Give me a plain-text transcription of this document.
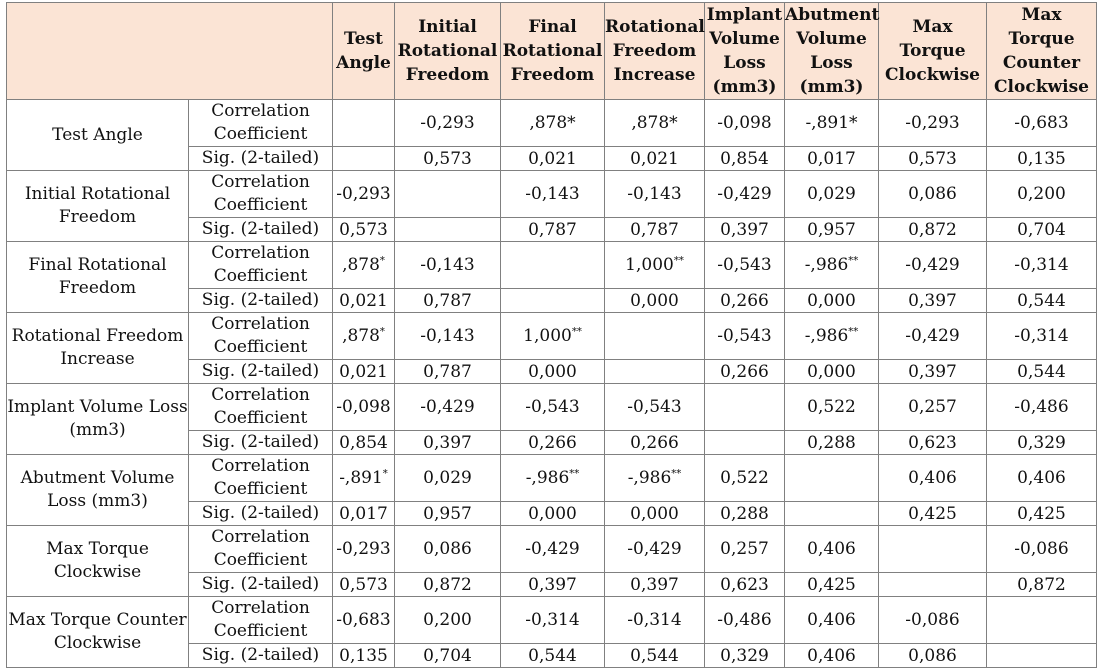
		Test Angle	Initial Rotational Freedom	Final Rotational Freedom	Rotational Freedom Increase	Implant Volume Loss (mm3)	Abutment Volume Loss (mm3)	Max Torque Clockwise	Max Torque Counter Clockwise
Test Angle	Correlation Coefficient		-0,293	,878*	,878*	-0,098	-,891*	-0,293	-0,683
	Sig. (2-tailed)		0,573	0,021	0,021	0,854	0,017	0,573	0,135
Initial Rotational Freedom	Correlation Coefficient	-0,293		-0,143	-0,143	-0,429	0,029	0,086	0,200
	Sig. (2-tailed)	0,573		0,787	0,787	0,397	0,957	0,872	0,704
Final Rotational Freedom	Correlation Coefficient	,878*	-0,143		1,000**	-0,543	-,986**	-0,429	-0,314
	Sig. (2-tailed)	0,021	0,787		0,000	0,266	0,000	0,397	0,544
Rotational Freedom Increase	Correlation Coefficient	,878*	-0,143	1,000**		-0,543	-,986**	-0,429	-0,314
	Sig. (2-tailed)	0,021	0,787	0,000		0,266	0,000	0,397	0,544
Implant Volume Loss (mm3)	Correlation Coefficient	-0,098	-0,429	-0,543	-0,543		0,522	0,257	-0,486
	Sig. (2-tailed)	0,854	0,397	0,266	0,266		0,288	0,623	0,329
Abutment Volume Loss (mm3)	Correlation Coefficient	-,891*	0,029	-,986**	-,986**	0,522		0,406	0,406
	Sig. (2-tailed)	0,017	0,957	0,000	0,000	0,288		0,425	0,425
Max Torque Clockwise	Correlation Coefficient	-0,293	0,086	-0,429	-0,429	0,257	0,406		-0,086
	Sig. (2-tailed)	0,573	0,872	0,397	0,397	0,623	0,425		0,872
Max Torque Counter Clockwise	Correlation Coefficient	-0,683	0,200	-0,314	-0,314	-0,486	0,406	-0,086	
	Sig. (2-tailed)	0,135	0,704	0,544	0,544	0,329	0,406	0,086	
